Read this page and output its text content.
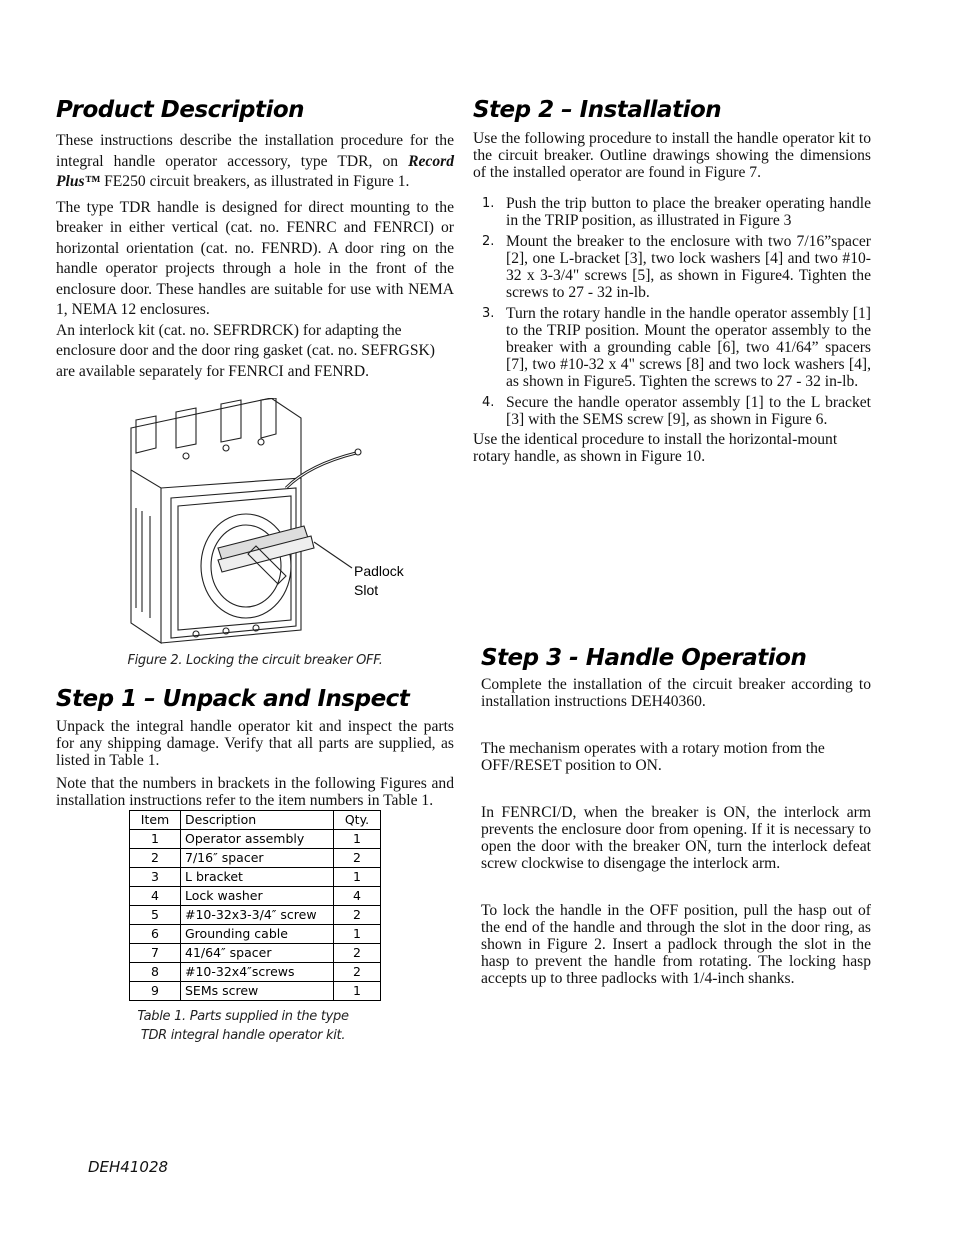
Product Description

These instructions describe the installation procedure for the integral handle operator accessory, type TDR, on Record Plus™ FE250 circuit breakers, as illustrated in Figure 1.

The type TDR handle is designed for direct mounting to the breaker in either vertical (cat. no. FENRC and FENRCI) or horizontal orientation (cat. no. FENRD). A door ring on the handle operator projects through a hole in the front of the enclosure door. These handles are suitable for use with NEMA 1, NEMA 12 enclosures.

An interlock kit (cat. no. SEFRDRCK) for adapting the enclosure door and the door ring gasket (cat. no. SEFRGSK) are available separately for FENRCI and FENRD.

Padlock
Slot
Figure 2. Locking the circuit breaker OFF.
Step 1 – Unpack and Inspect

Unpack the integral handle operator kit and inspect the parts for any shipping damage. Verify that all parts are supplied, as listed in Table 1.

Note that the numbers in brackets in the following Figures and installation instructions refer to the item numbers in Table 1.

Item	Description	Qty.
1	Operator assembly	1
2	7/16″ spacer	2
3	L bracket	1
4	Lock washer	4
5	#10-32x3-3/4″ screw	2
6	Grounding cable	1
7	41/64″ spacer	2
8	#10-32x4″screws	2
9	SEMs screw	1
Table 1. Parts supplied in the type
TDR integral handle operator kit.
Step 2 – Installation

Use the following procedure to install the handle operator kit to the circuit breaker. Outline drawings showing the dimensions of the installed operator are found in Figure 7.

1. Push the trip button to place the breaker operating handle in the TRIP position, as illustrated in Figure 3
2. Mount the breaker to the enclosure with two 7/16”spacer [2], one L-bracket [3], two lock washers [4] and two #10-32 x 3-3/4" screws [5], as shown in Figure4. Tighten the screws to 27 - 32 in-lb.
3. Turn the rotary handle in the handle operator assembly [1] to the TRIP position. Mount the operator assembly to the breaker with a grounding cable [6], two 41/64” spacers [7], two #10-32 x 4" screws [8] and two lock washers [4], as shown in Figure5. Tighten the screws to 27 - 32 in-lb.
4. Secure the handle operator assembly [1] to the L bracket [3] with the SEMS screw [9], as shown in Figure 6.

Use the identical procedure to install the horizontal-mount rotary handle, as shown in Figure 10.

Step 3 - Handle Operation

Complete the installation of the circuit breaker according to installation instructions DEH40360.

The mechanism operates with a rotary motion from the OFF/RESET position to ON.

In FENRCI/D, when the breaker is ON, the interlock arm prevents the enclosure door from opening. If it is necessary to open the door with the breaker ON, turn the interlock defeat screw clockwise to disengage the interlock arm.

To lock the handle in the OFF position, pull the hasp out of the end of the handle and through the slot in the door ring, as shown in Figure 2. Insert a padlock through the slot in the hasp to prevent the handle from rotating. The locking hasp accepts up to three padlocks with 1/4-inch shanks.

DEH41028
